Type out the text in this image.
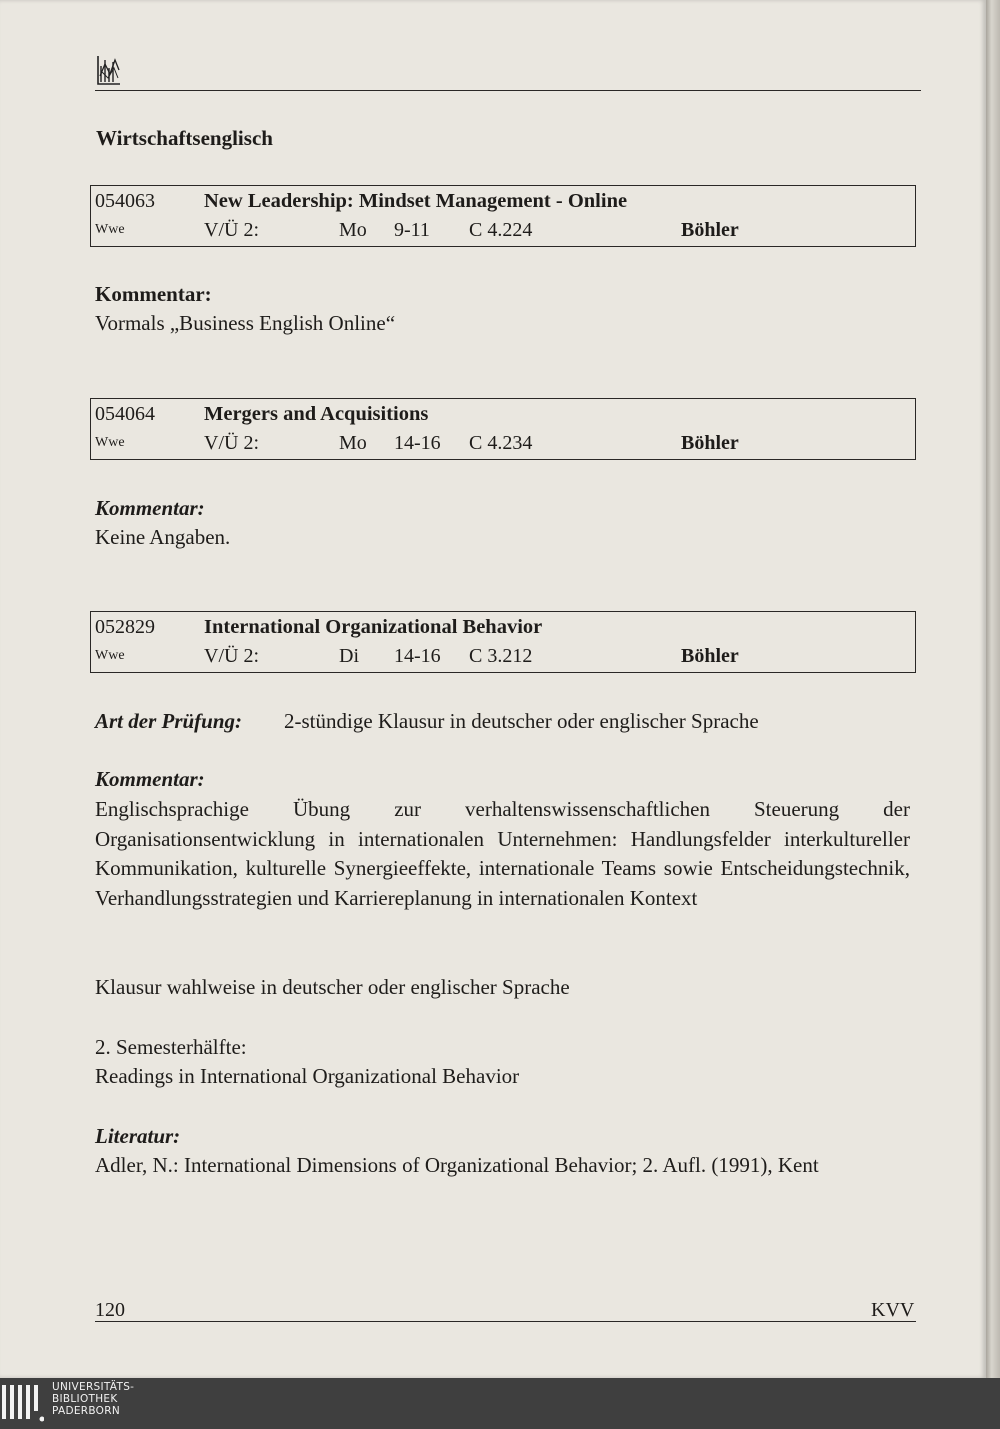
Wirtschaftsenglisch
054063 New Leadership: Mindset Management - Online
Wwe	V/Ü 2:	Mo 9-11 C 4.224	Böhler
Kommentar:
Vormals „Business English Online“
054064 Mergers and Acquisitions
Wwe	V/Ü 2:	Mo 14-16 C 4.234	Böhler
Kommentar:
Keine Angaben.
052829 International Organizational Behavior
Wwe	V/Ü 2:	Di 14-16 C 3.212	Böhler
Art der Prüfung: 2-stündige Klausur in deutscher oder englischer Sprache
Kommentar:
Englischsprachige Übung zur verhaltenswissenschaftlichen Steuerung der Organisationsentwicklung in internationalen Unternehmen: Handlungsfelder interkultureller Kommunikation, kulturelle Synergieeffekte, internationale Teams sowie Entscheidungstechnik, Verhandlungsstrategien und Karriereplanung in internationalen Kontext
Klausur wahlweise in deutscher oder englischer Sprache
2. Semesterhälfte:
Readings in International Organizational Behavior
Literatur:
Adler, N.: International Dimensions of Organizational Behavior; 2. Aufl. (1991), Kent
120	KVV
UNIVERSITÄTS-
BIBLIOTHEK
PADERBORN
